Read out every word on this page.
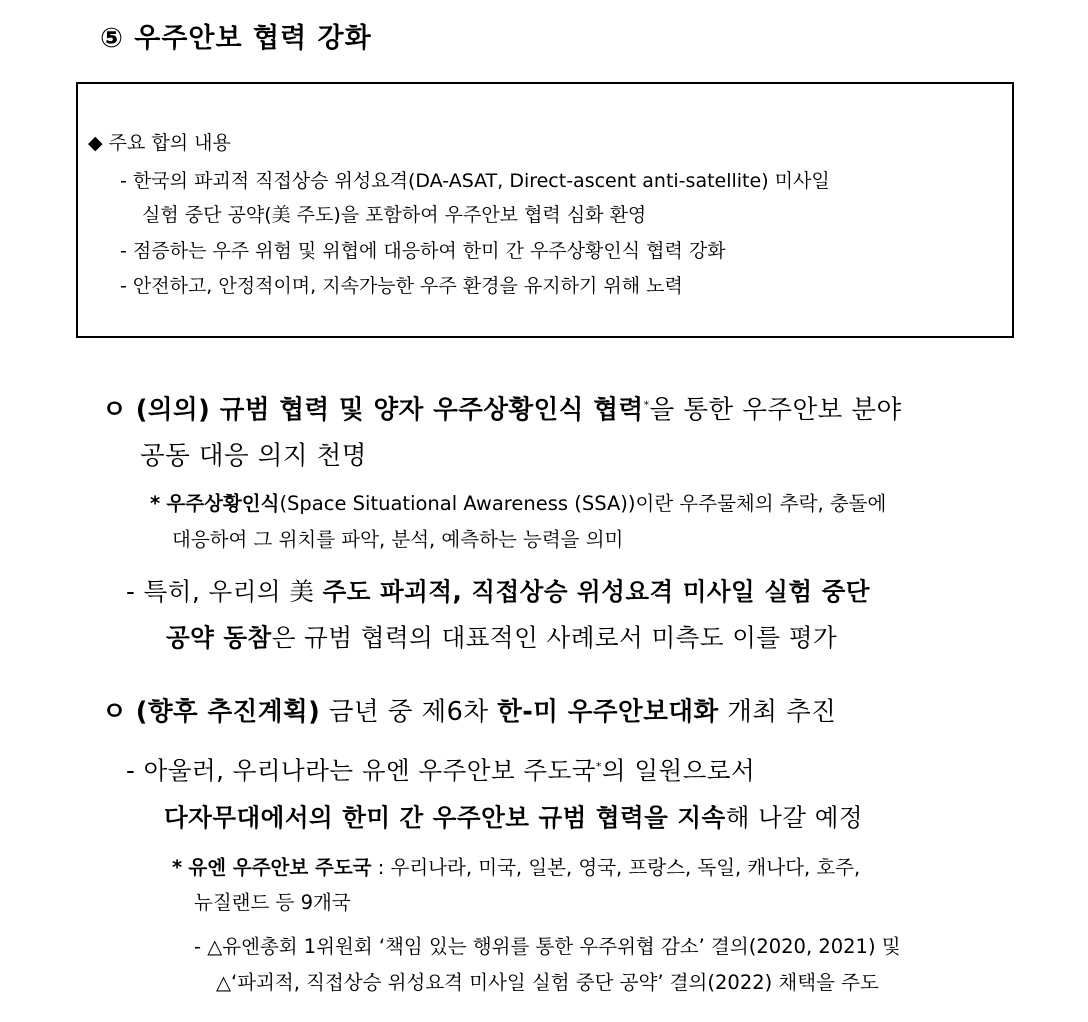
⑤ 우주안보 협력 강화
◆ 주요 합의 내용
- 한국의 파괴적 직접상승 위성요격(DA-ASAT, Direct-ascent anti-satellite) 미사일
실험 중단 공약(美 주도)을 포함하여 우주안보 협력 심화 환영
- 점증하는 우주 위험 및 위협에 대응하여 한미 간 우주상황인식 협력 강화
- 안전하고, 안정적이며, 지속가능한 우주 환경을 유지하기 위해 노력
ㅇ (의의) 규범 협력 및 양자 우주상황인식 협력*을 통한 우주안보 분야
공동 대응 의지 천명
* 우주상황인식(Space Situational Awareness (SSA))이란 우주물체의 추락, 충돌에
대응하여 그 위치를 파악, 분석, 예측하는 능력을 의미
- 특히, 우리의 美 주도 파괴적, 직접상승 위성요격 미사일 실험 중단
공약 동참은 규범 협력의 대표적인 사례로서 미측도 이를 평가
ㅇ (향후 추진계획) 금년 중 제6차 한-미 우주안보대화 개최 추진
- 아울러, 우리나라는 유엔 우주안보 주도국*의 일원으로서
다자무대에서의 한미 간 우주안보 규범 협력을 지속해 나갈 예정
* 유엔 우주안보 주도국 : 우리나라, 미국, 일본, 영국, 프랑스, 독일, 캐나다, 호주,
뉴질랜드 등 9개국
- △유엔총회 1위원회 ‘책임 있는 행위를 통한 우주위협 감소’ 결의(2020, 2021) 및
△‘파괴적, 직접상승 위성요격 미사일 실험 중단 공약’ 결의(2022) 채택을 주도
